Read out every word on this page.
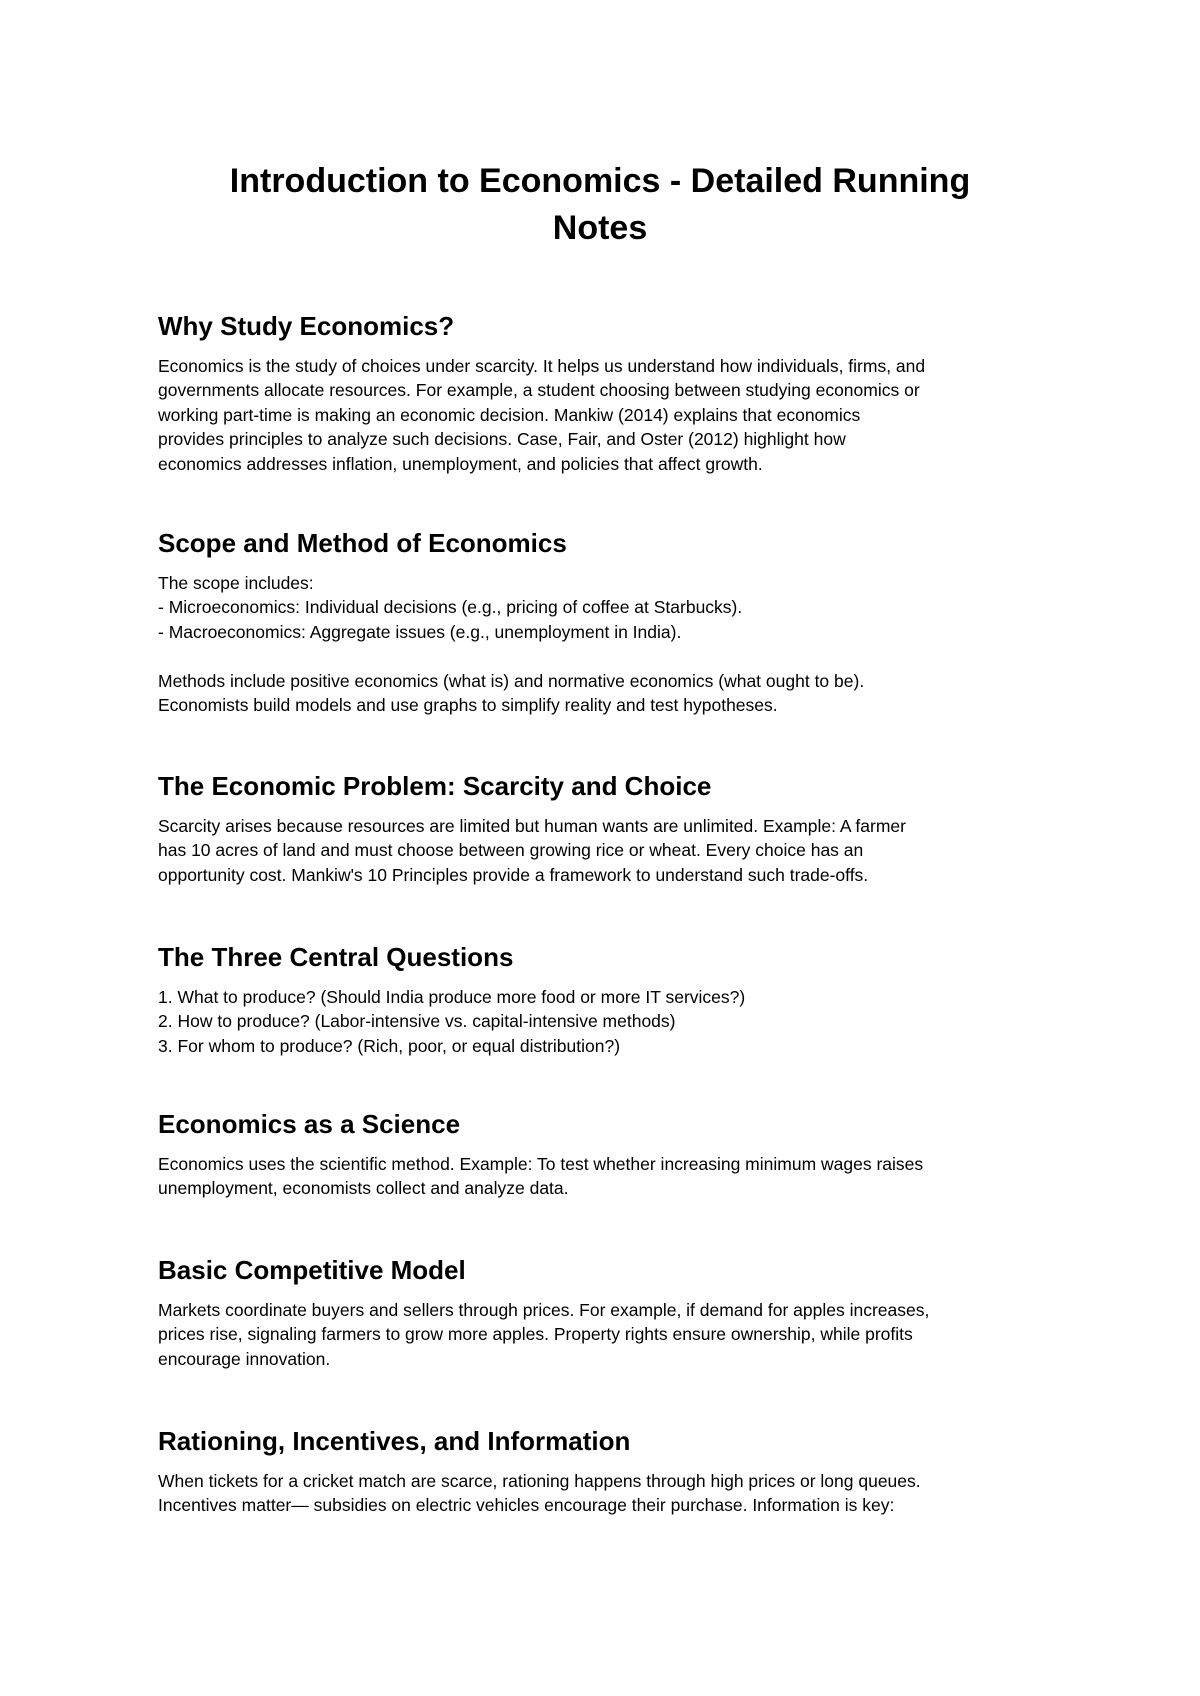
Introduction to Economics - Detailed Running
Notes
Why Study Economics?

Economics is the study of choices under scarcity. It helps us understand how individuals, firms, and
governments allocate resources. For example, a student choosing between studying economics or
working part-time is making an economic decision. Mankiw (2014) explains that economics
provides principles to analyze such decisions. Case, Fair, and Oster (2012) highlight how
economics addresses inflation, unemployment, and policies that affect growth.

Scope and Method of Economics

The scope includes:
- Microeconomics: Individual decisions (e.g., pricing of coffee at Starbucks).
- Macroeconomics: Aggregate issues (e.g., unemployment in India).
Methods include positive economics (what is) and normative economics (what ought to be).
Economists build models and use graphs to simplify reality and test hypotheses.

The Economic Problem: Scarcity and Choice

Scarcity arises because resources are limited but human wants are unlimited. Example: A farmer
has 10 acres of land and must choose between growing rice or wheat. Every choice has an
opportunity cost. Mankiw's 10 Principles provide a framework to understand such trade-offs.

The Three Central Questions

1. What to produce? (Should India produce more food or more IT services?)
2. How to produce? (Labor-intensive vs. capital-intensive methods)
3. For whom to produce? (Rich, poor, or equal distribution?)

Economics as a Science

Economics uses the scientific method. Example: To test whether increasing minimum wages raises
unemployment, economists collect and analyze data.

Basic Competitive Model

Markets coordinate buyers and sellers through prices. For example, if demand for apples increases,
prices rise, signaling farmers to grow more apples. Property rights ensure ownership, while profits
encourage innovation.

Rationing, Incentives, and Information

When tickets for a cricket match are scarce, rationing happens through high prices or long queues.
Incentives matter— subsidies on electric vehicles encourage their purchase. Information is key:
